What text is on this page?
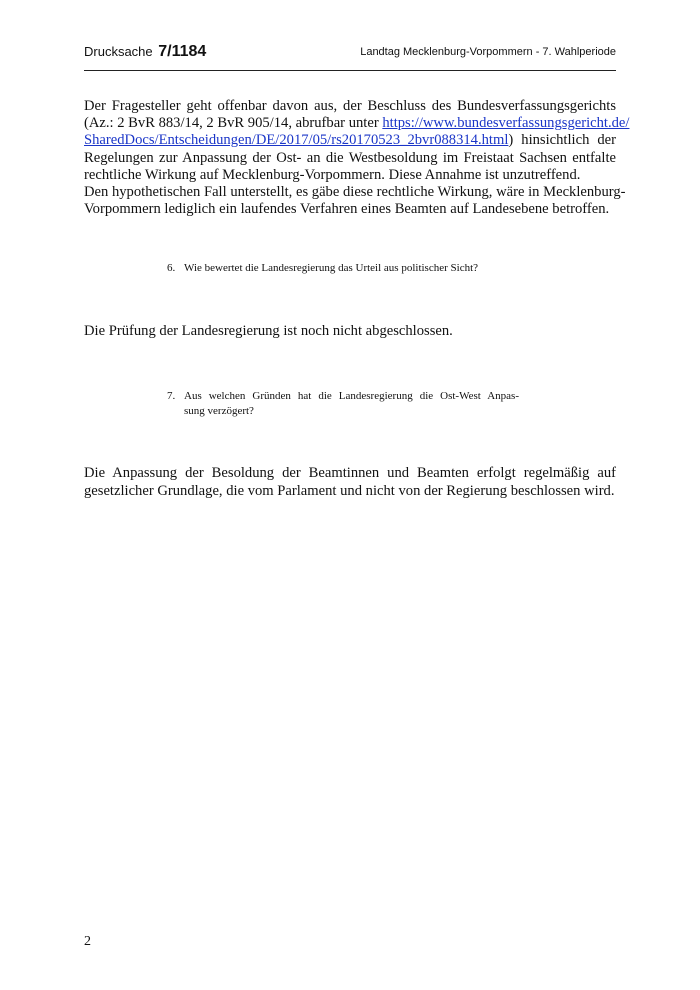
Drucksache 7/1184	Landtag Mecklenburg-Vorpommern - 7. Wahlperiode
Der Fragesteller geht offenbar davon aus, der Beschluss des Bundesverfassungsgerichts
(Az.: 2 BvR 883/14, 2 BvR 905/14, abrufbar unter https://www.bundesverfassungsgericht.de/
SharedDocs/Entscheidungen/DE/2017/05/rs20170523_2bvr088314.html) hinsichtlich der
Regelungen zur Anpassung der Ost- an die Westbesoldung im Freistaat Sachsen entfalte
rechtliche Wirkung auf Mecklenburg-Vorpommern. Diese Annahme ist unzutreffend.
Den hypothetischen Fall unterstellt, es gäbe diese rechtliche Wirkung, wäre in Mecklenburg-
Vorpommern lediglich ein laufendes Verfahren eines Beamten auf Landesebene betroffen.
6. Wie bewertet die Landesregierung das Urteil aus politischer Sicht?
Die Prüfung der Landesregierung ist noch nicht abgeschlossen.
7. Aus welchen Gründen hat die Landesregierung die Ost-West Anpas-
sung verzögert?
Die Anpassung der Besoldung der Beamtinnen und Beamten erfolgt regelmäßig auf
gesetzlicher Grundlage, die vom Parlament und nicht von der Regierung beschlossen wird.
2
